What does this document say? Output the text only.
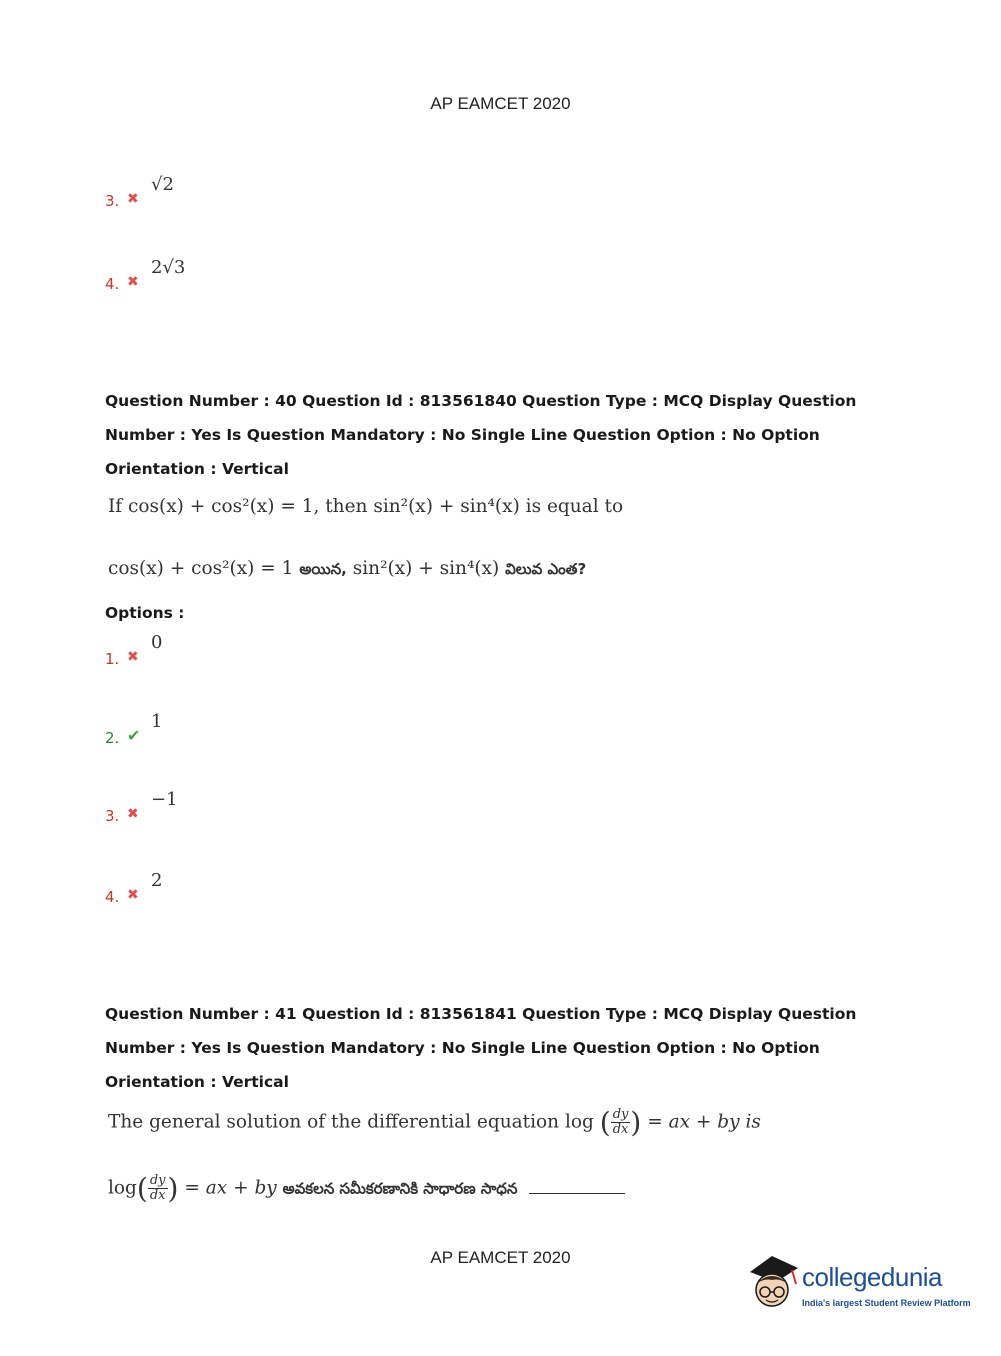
AP EAMCET 2020
3. ✖
√2
4. ✖
2√3
Question Number : 40 Question Id : 813561840 Question Type : MCQ Display Question
Number : Yes Is Question Mandatory : No Single Line Question Option : No Option
Orientation : Vertical
If cos(x) + cos²(x) = 1, then sin²(x) + sin⁴(x) is equal to
cos(x) + cos²(x) = 1 అయిన, sin²(x) + sin⁴(x) విలువ ఎంత?
Options :
1. ✖
0
2. ✔
1
3. ✖
−1
4. ✖
2
Question Number : 41 Question Id : 813561841 Question Type : MCQ Display Question
Number : Yes Is Question Mandatory : No Single Line Question Option : No Option
Orientation : Vertical
The general solution of the differential equation log ( $\frac{dy}{dx}$ ) = ax + by is
$\log( \frac{dy}{dx}$ ) = ax + by అవకలన సమీకరణానికి సాధారణ సాధన
AP EAMCET 2020
collegedunia
India's largest Student Review Platform
